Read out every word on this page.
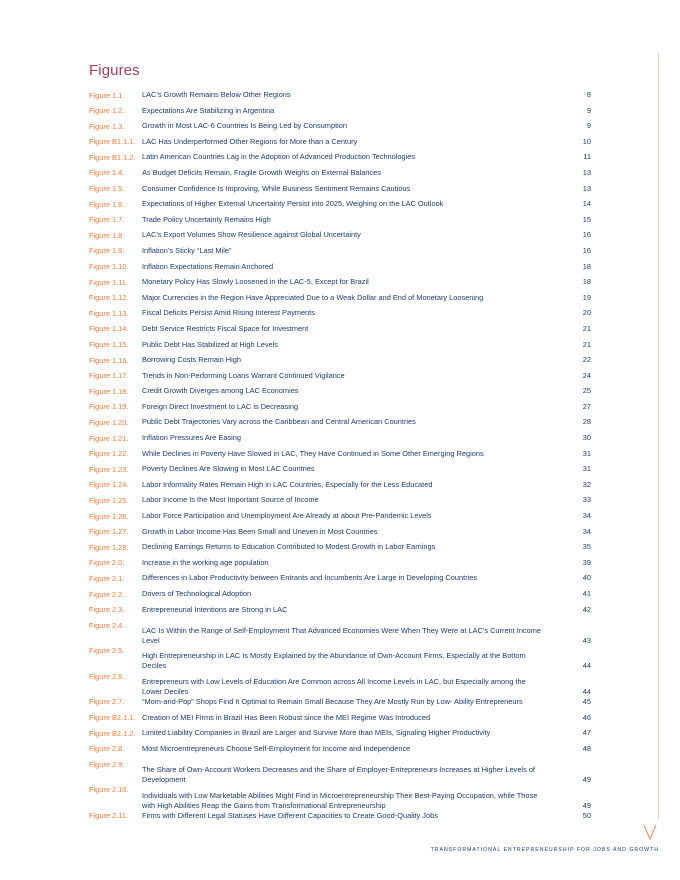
Figures
Figure 1.1.	LAC’s Growth Remains Below Other Regions	8
Figure 1.2.	Expectations Are Stabilizing in Argentina	9
Figure 1.3.	Growth in Most LAC-6 Countries Is Being Led by Consumption	9
Figure B1.1.1. LAC Has Underperformed Other Regions for More than a Century	10
Figure B1.1.2. Latin American Countries Lag in the Adoption of Advanced Production Technologies	11
Figure 1.4.	As Budget Deficits Remain, Fragile Growth Weighs on External Balances	13
Figure 1.5.	Consumer Confidence Is Improving, While Business Sentiment Remains Cautious	13
Figure 1.6.	Expectations of Higher External Uncertainty Persist into 2025, Weighing on the LAC Outlook	14
Figure 1.7.	Trade Policy Uncertainty Remains High	15
Figure 1.8.	LAC’s Export Volumes Show Resilience against Global Uncertainty	16
Figure 1.9.	Inflation’s Sticky “Last Mile”	16
Figure 1.10.	Inflation Expectations Remain Anchored	18
Figure 1.11.	Monetary Policy Has Slowly Loosened in the LAC-5, Except for Brazil	18
Figure 1.12.	Major Currencies in the Region Have Appreciated Due to a Weak Dollar and End of Monetary Loosening	19
Figure 1.13.	Fiscal Deficits Persist Amid Rising Interest Payments	20
Figure 1.14.	Debt Service Restricts Fiscal Space for Investment	21
Figure 1.15.	Public Debt Has Stabilized at High Levels	21
Figure 1.16.	Borrowing Costs Remain High	22
Figure 1.17.	Trends in Non-Performing Loans Warrant Continued Vigilance	24
Figure 1.18.	Credit Growth Diverges among LAC Economies	25
Figure 1.19.	Foreign Direct Investment to LAC is Decreasing	27
Figure 1.20.	Public Debt Trajectories Vary across the Caribbean and Central American Countries	28
Figure 1.21.	Inflation Pressures Are Easing	30
Figure 1.22.	While Declines in Poverty Have Slowed in LAC, They Have Continued in Some Other Emerging Regions	31
Figure 1.23.	Poverty Declines Are Slowing in Most LAC Countries	31
Figure 1.24.	Labor Informality Rates Remain High in LAC Countries, Especially for the Less Educated	32
Figure 1.25.	Labor Income Is the Most Important Source of Income	33
Figure 1.26.	Labor Force Participation and Unemployment Are Already at about Pre-Pandemic Levels	34
Figure 1.27.	Growth in Labor Income Has Been Small and Uneven in Most Countries	34
Figure 1.28.	Declining Earnings Returns to Education Contributed to Modest Growth in Labor Earnings	35
Figure 2.0.	Increase in the working age population	39
Figure 2.1.	Differences in Labor Productivity between Entrants and Incumbents Are Large in Developing Countries	40
Figure 2.2.	Drivers of Technological Adoption	41
Figure 2.3.	Entrepreneurial Intentions are Strong in LAC	42
Figure 2.4.
LAC Is Within the Range of Self-Employment That Advanced Economies Were When They Were at LAC’s Current Income Level	43
Figure 2.5.
High Entrepreneurship in LAC Is Mostly Explained by the Abundance of Own-Account Firms, Especially at the Bottom Deciles	44
Figure 2.6.
Entrepreneurs with Low Levels of Education Are Common across All Income Levels in LAC, but Especially among the Lower Deciles	44
Figure 2.7.	“Mom-and-Pop” Shops Find It Optimal to Remain Small Because They Are Mostly Run by Low- Ability Entrepreneurs	45
Figure B2.1.1. Creation of MEI Firms in Brazil Has Been Robust since the MEI Regime Was Introduced	46
Figure B2.1.2. Limited Liability Companies in Brazil are Larger and Survive More than MEIs, Signaling Higher Productivity	47
Figure 2.8.	Most Microentrepreneurs Choose Self-Employment for Income and Independence	48
Figure 2.9.
The Share of Own-Account Workers Decreases and the Share of Employer-Entrepreneurs Increases at Higher Levels of Development	49
Figure 2.10.
Individuals with Low Marketable Abilities Might Find in Microentrepreneurship Their Best-Paying Occupation, while Those with High Abilities Reap the Gains from Transformational Entrepreneurship	49
Figure 2.11.	Firms with Different Legal Statuses Have Different Capacities to Create Good-Quality Jobs	50
TRANSFORMATIONAL ENTREPRENEURSHIP FOR JOBS AND GROWTH
